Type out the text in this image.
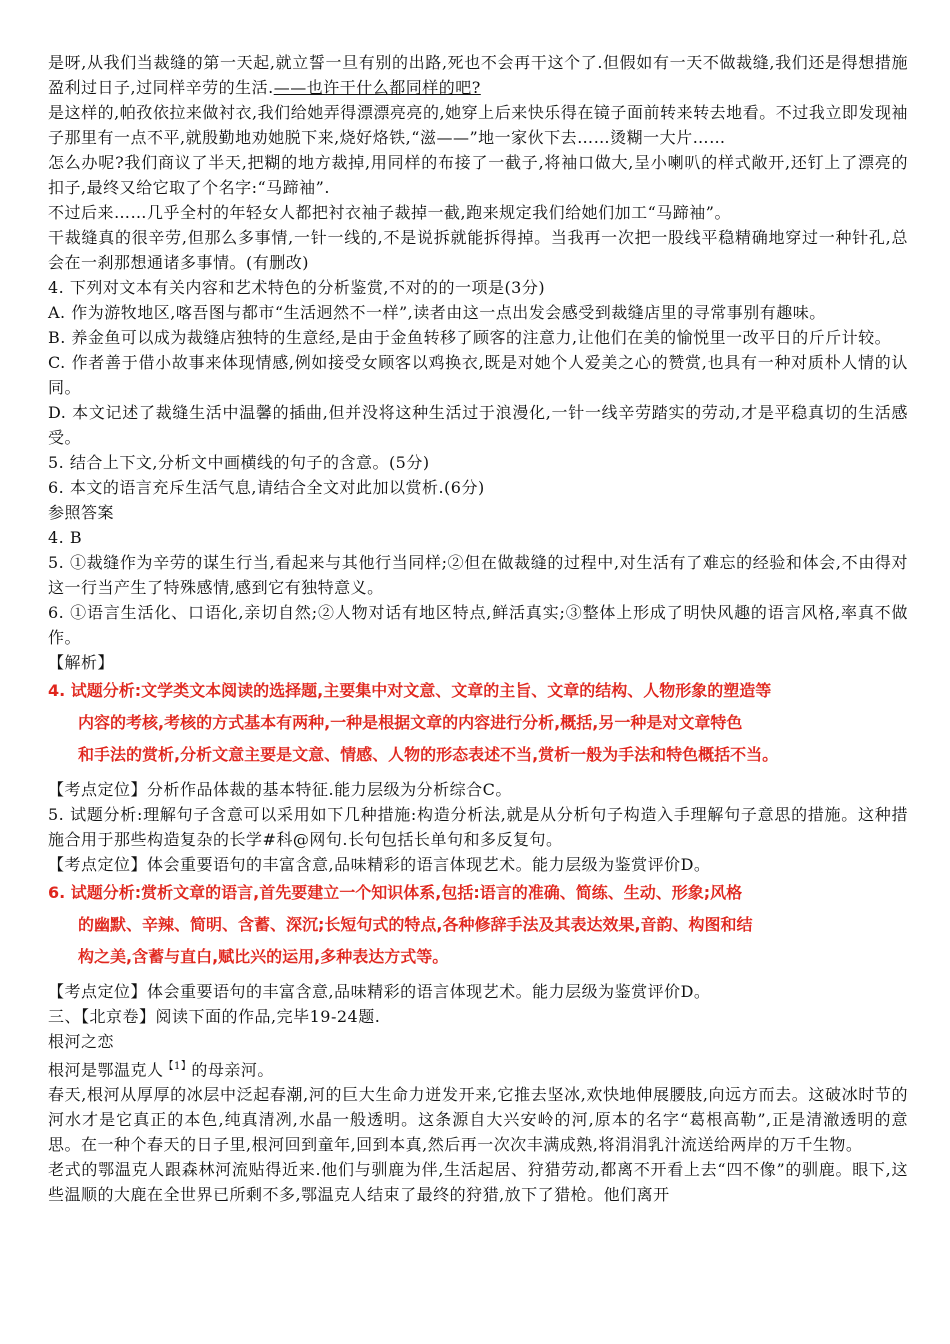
是呀,从我们当裁缝的第一天起,就立誓一旦有别的出路,死也不会再干这个了.但假如有一天不做裁缝,我们还是得想措施盈利过日子,过同样辛劳的生活.——也许干什么都同样的吧?

是这样的,帕孜依拉来做衬衣,我们给她弄得漂漂亮亮的,她穿上后来快乐得在镜子面前转来转去地看。不过我立即发现袖子那里有一点不平,就殷勤地劝她脱下来,烧好烙铁,“滋——”地一家伙下去……烫糊一大片……

怎么办呢?我们商议了半天,把糊的地方裁掉,用同样的布接了一截子,将袖口做大,呈小喇叭的样式敞开,还钉上了漂亮的扣子,最终又给它取了个名字:“马蹄袖”.

不过后来……几乎全村的年轻女人都把衬衣袖子裁掉一截,跑来规定我们给她们加工“马蹄袖”。

干裁缝真的很辛劳,但那么多事情,一针一线的,不是说拆就能拆得掉。当我再一次把一股线平稳精确地穿过一种针孔,总会在一刹那想通诸多事情。(有删改)

4. 下列对文本有关内容和艺术特色的分析鉴赏,不对的的一项是(3分)

A. 作为游牧地区,喀吾图与都市“生活迥然不一样”,读者由这一点出发会感受到裁缝店里的寻常事别有趣味。

B. 养金鱼可以成为裁缝店独特的生意经,是由于金鱼转移了顾客的注意力,让他们在美的愉悦里一改平日的斤斤计较。

C. 作者善于借小故事来体现情感,例如接受女顾客以鸡换衣,既是对她个人爱美之心的赞赏,也具有一种对质朴人情的认同。

D. 本文记述了裁缝生活中温馨的插曲,但并没将这种生活过于浪漫化,一针一线辛劳踏实的劳动,才是平稳真切的生活感受。

5. 结合上下文,分析文中画横线的句子的含意。(5分)

6. 本文的语言充斥生活气息,请结合全文对此加以赏析.(6分)

参照答案

4. B

5. ①裁缝作为辛劳的谋生行当,看起来与其他行当同样;②但在做裁缝的过程中,对生活有了难忘的经验和体会,不由得对这一行当产生了特殊感情,感到它有独特意义。

6. ①语言生活化、口语化,亲切自然;②人物对话有地区特点,鲜活真实;③整体上形成了明快风趣的语言风格,率真不做作。

【解析】

4. 试题分析:文学类文本阅读的选择题,主要集中对文意、文章的主旨、文章的结构、人物形象的塑造等
内容的考核,考核的方式基本有两种,一种是根据文章的内容进行分析,概括,另一种是对文章特色
和手法的赏析,分析文意主要是文意、情感、人物的形态表述不当,赏析一般为手法和特色概括不当。

【考点定位】分析作品体裁的基本特征.能力层级为分析综合C。

5. 试题分析:理解句子含意可以采用如下几种措施:构造分析法,就是从分析句子构造入手理解句子意思的措施。这种措施合用于那些构造复杂的长学#科@网句.长句包括长单句和多反复句。

【考点定位】体会重要语句的丰富含意,品味精彩的语言体现艺术。能力层级为鉴赏评价D。

6. 试题分析:赏析文章的语言,首先要建立一个知识体系,包括:语言的准确、简练、生动、形象;风格
的幽默、辛辣、简明、含蓄、深沉;长短句式的特点,各种修辞手法及其表达效果,音韵、构图和结
构之美,含蓄与直白,赋比兴的运用,多种表达方式等。

【考点定位】体会重要语句的丰富含意,品味精彩的语言体现艺术。能力层级为鉴赏评价D。

三、【北京卷】阅读下面的作品,完毕19-24题.

根河之恋

根河是鄂温克人$^{【1】}$的母亲河。

春天,根河从厚厚的冰层中泛起春潮,河的巨大生命力迸发开来,它推去坚冰,欢快地伸展腰肢,向远方而去。这破冰时节的河水才是它真正的本色,纯真清冽,水晶一般透明。这条源自大兴安岭的河,原本的名字“葛根高勒”,正是清澈透明的意思。在一种个春天的日子里,根河回到童年,回到本真,然后再一次次丰满成熟,将涓涓乳汁流送给两岸的万千生物。

老式的鄂温克人跟森林河流贴得近来.他们与驯鹿为伴,生活起居、狩猎劳动,都离不开看上去“四不像”的驯鹿。眼下,这些温顺的大鹿在全世界已所剩不多,鄂温克人结束了最终的狩猎,放下了猎枪。他们离开
